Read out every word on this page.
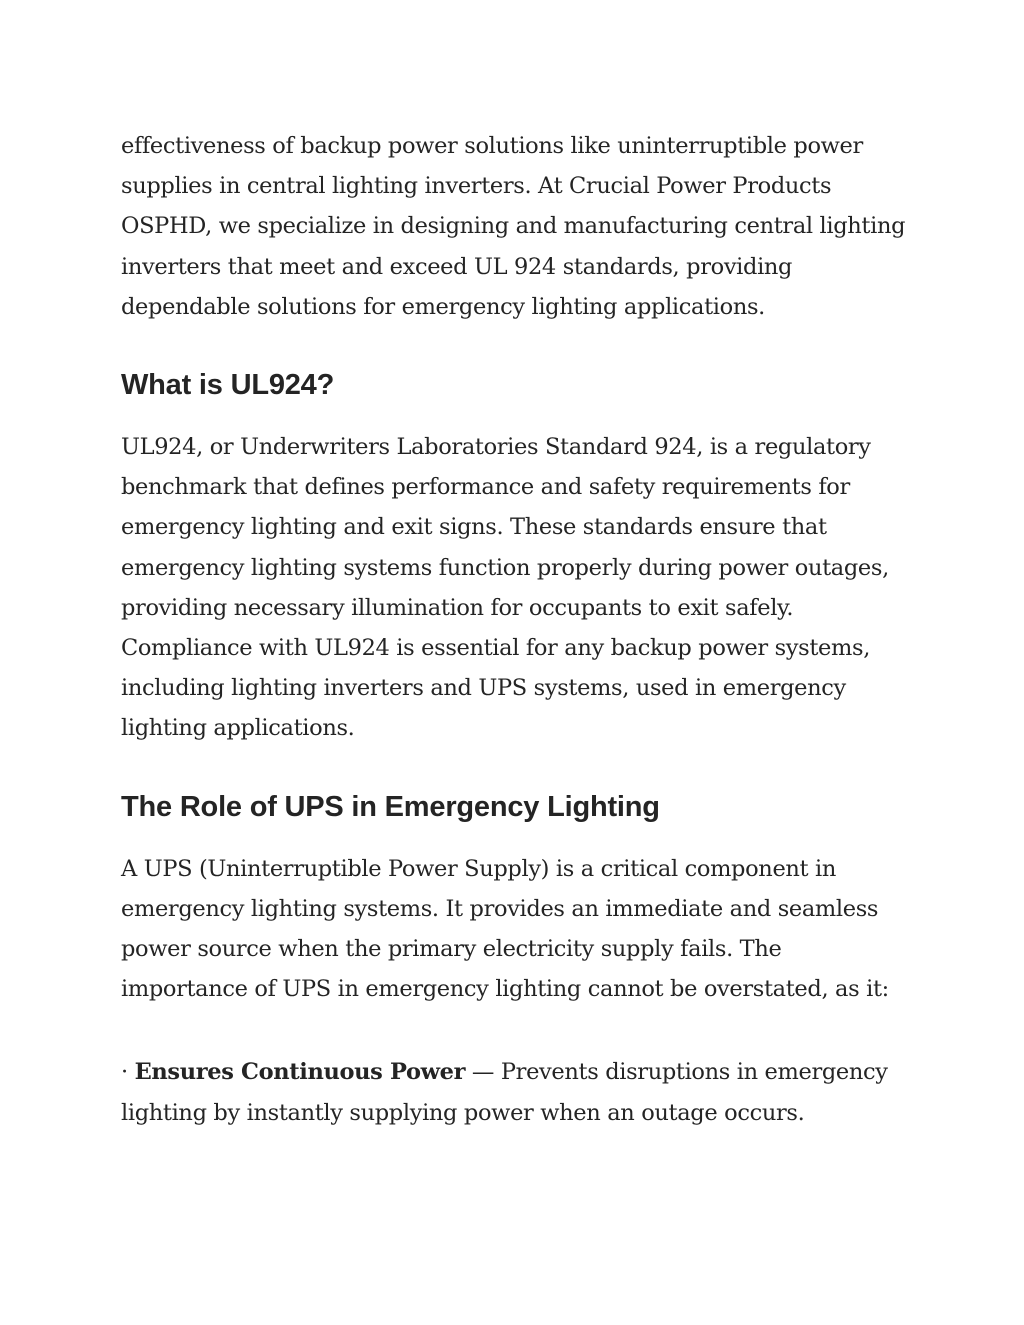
effectiveness of backup power solutions like uninterruptible power supplies in central lighting inverters. At Crucial Power Products OSPHD, we specialize in designing and manufacturing central lighting inverters that meet and exceed UL 924 standards, providing dependable solutions for emergency lighting applications.

What is UL924?

UL924, or Underwriters Laboratories Standard 924, is a regulatory benchmark that defines performance and safety requirements for emergency lighting and exit signs. These standards ensure that emergency lighting systems function properly during power outages, providing necessary illumination for occupants to exit safely. Compliance with UL924 is essential for any backup power systems, including lighting inverters and UPS systems, used in emergency lighting applications.

The Role of UPS in Emergency Lighting

A UPS (Uninterruptible Power Supply) is a critical component in emergency lighting systems. It provides an immediate and seamless power source when the primary electricity supply fails. The importance of UPS in emergency lighting cannot be overstated, as it:

· Ensures Continuous Power — Prevents disruptions in emergency lighting by instantly supplying power when an outage occurs.
